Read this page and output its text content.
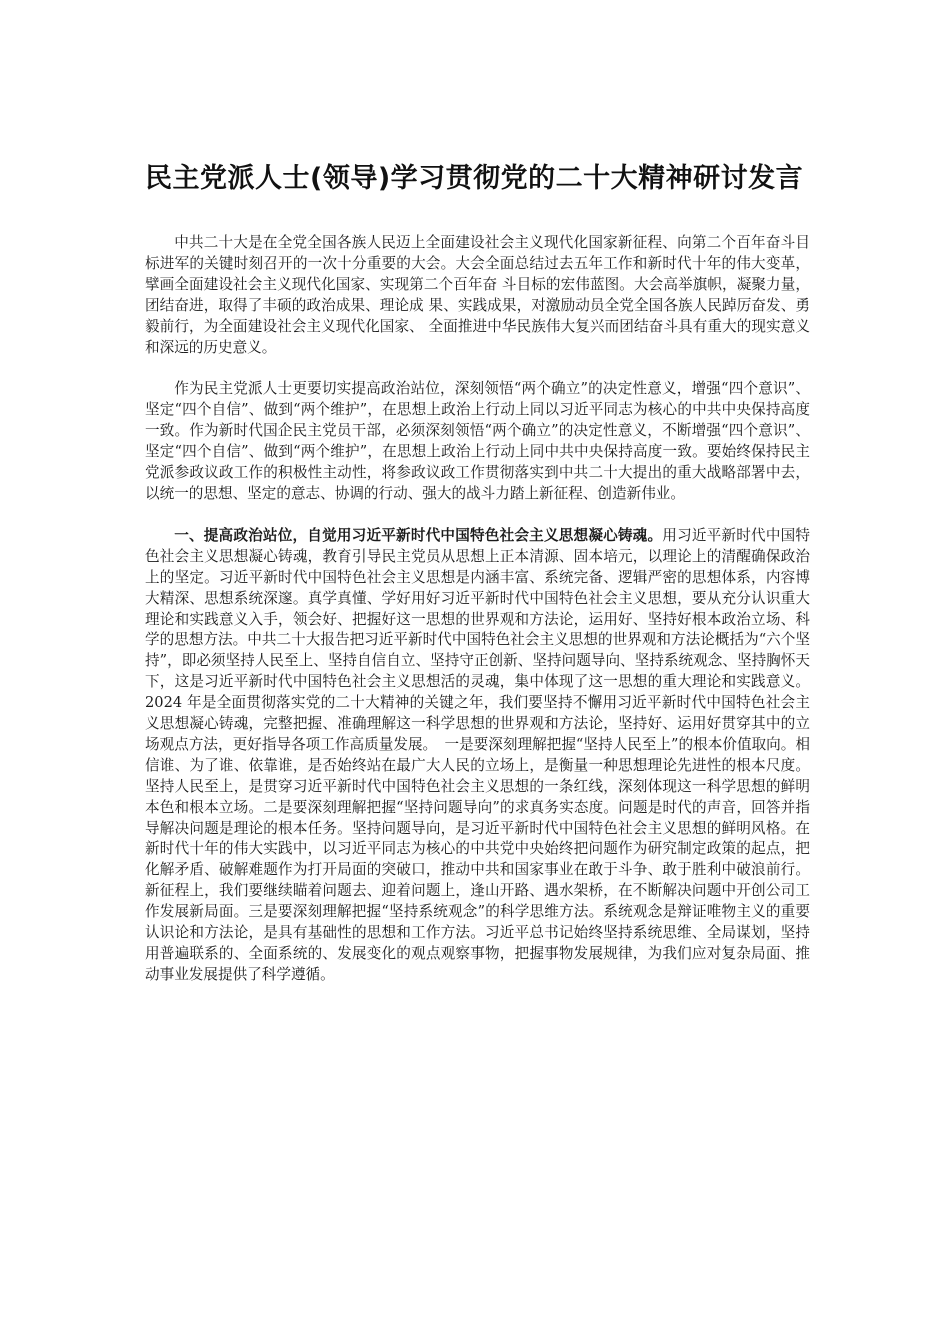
民主党派人士(领导)学习贯彻党的二十大精神研讨发言

中共二十大是在全党全国各族人民迈上全面建设社会主义现代化国家新征程、向第二个百年奋斗目标进军的关键时刻召开的一次十分重要的大会。大会全面总结过去五年工作和新时代十年的伟大变革，擘画全面建设社会主义现代化国家、实现第二个百年奋 斗目标的宏伟蓝图。大会高举旗帜，凝聚力量，团结奋进，取得了丰硕的政治成果、理论成 果、实践成果，对激励动员全党全国各族人民踔厉奋发、勇毅前行，为全面建设社会主义现代化国家、 全面推进中华民族伟大复兴而团结奋斗具有重大的现实意义和深远的历史意义。

作为民主党派人士更要切实提高政治站位，深刻领悟“两个确立”的决定性意义，增强“四个意识”、坚定“四个自信”、做到“两个维护”，在思想上政治上行动上同以习近平同志为核心的中共中央保持高度一致。作为新时代国企民主党员干部，必须深刻领悟“两个确立”的决定性意义，不断增强“四个意识”、坚定“四个自信”、做到“两个维护”，在思想上政治上行动上同中共中央保持高度一致。要始终保持民主党派参政议政工作的积极性主动性，将参政议政工作贯彻落实到中共二十大提出的重大战略部署中去，以统一的思想、坚定的意志、协调的行动、强大的战斗力踏上新征程、创造新伟业。

一、提高政治站位，自觉用习近平新时代中国特色社会主义思想凝心铸魂。用习近平新时代中国特色社会主义思想凝心铸魂，教育引导民主党员从思想上正本清源、固本培元，以理论上的清醒确保政治上的坚定。习近平新时代中国特色社会主义思想是内涵丰富、系统完备、逻辑严密的思想体系，内容博大精深、思想系统深邃。真学真懂、学好用好习近平新时代中国特色社会主义思想，要从充分认识重大理论和实践意义入手，领会好、把握好这一思想的世界观和方法论，运用好、坚持好根本政治立场、科学的思想方法。中共二十大报告把习近平新时代中国特色社会主义思想的世界观和方法论概括为“六个坚持”，即必须坚持人民至上、坚持自信自立、坚持守正创新、坚持问题导向、坚持系统观念、坚持胸怀天下，这是习近平新时代中国特色社会主义思想活的灵魂，集中体现了这一思想的重大理论和实践意义。2024 年是全面贯彻落实党的二十大精神的关键之年，我们要坚持不懈用习近平新时代中国特色社会主义思想凝心铸魂，完整把握、准确理解这一科学思想的世界观和方法论，坚持好、运用好贯穿其中的立场观点方法，更好指导各项工作高质量发展。　一是要深刻理解把握“坚持人民至上”的根本价值取向。相信谁、为了谁、依靠谁，是否始终站在最广大人民的立场上，是衡量一种思想理论先进性的根本尺度。坚持人民至上，是贯穿习近平新时代中国特色社会主义思想的一条红线，深刻体现这一科学思想的鲜明本色和根本立场。二是要深刻理解把握“坚持问题导向”的求真务实态度。问题是时代的声音，回答并指导解决问题是理论的根本任务。坚持问题导向，是习近平新时代中国特色社会主义思想的鲜明风格。在新时代十年的伟大实践中，以习近平同志为核心的中共党中央始终把问题作为研究制定政策的起点，把化解矛盾、破解难题作为打开局面的突破口，推动中共和国家事业在敢于斗争、敢于胜利中破浪前行。新征程上，我们要继续瞄着问题去、迎着问题上，逢山开路、遇水架桥，在不断解决问题中开创公司工作发展新局面。三是要深刻理解把握“坚持系统观念”的科学思维方法。系统观念是辩证唯物主义的重要认识论和方法论，是具有基础性的思想和工作方法。习近平总书记始终坚持系统思维、全局谋划，坚持用普遍联系的、全面系统的、发展变化的观点观察事物，把握事物发展规律，为我们应对复杂局面、推动事业发展提供了科学遵循。
